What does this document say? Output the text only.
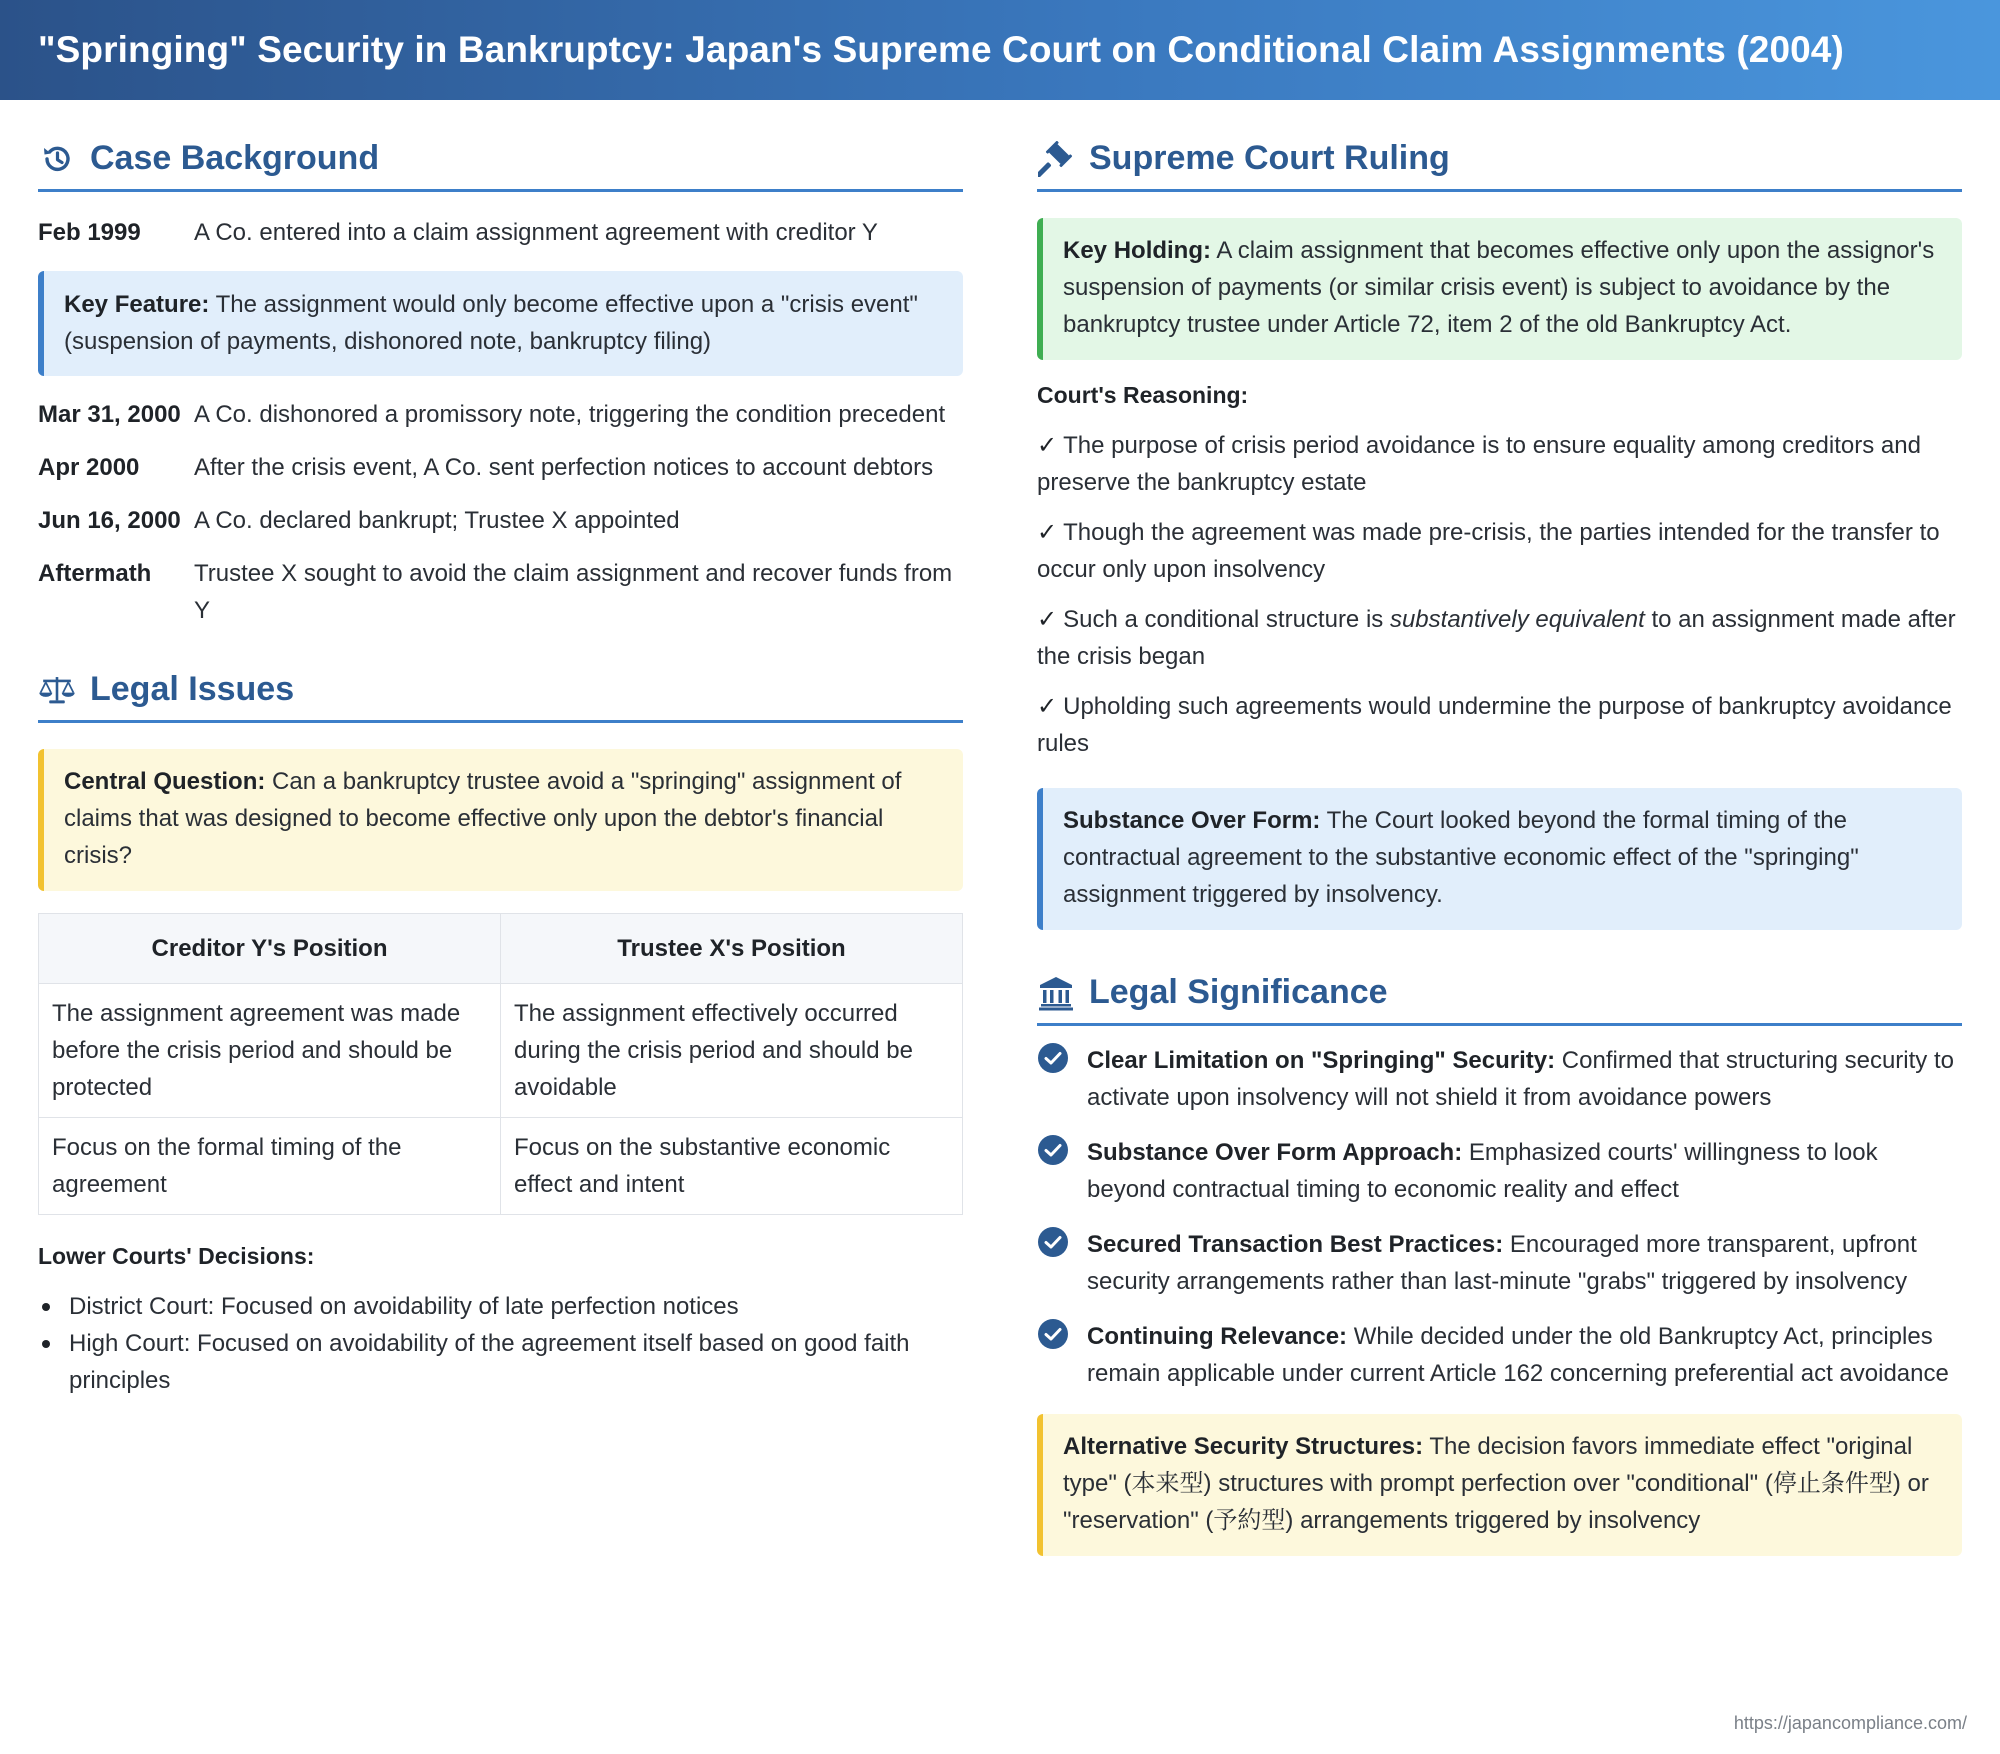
"Springing" Security in Bankruptcy: Japan's Supreme Court on Conditional Claim Assignments (2004)
Case Background
Feb 1999	A Co. entered into a claim assignment agreement with creditor Y
Key Feature: The assignment would only become effective upon a "crisis event" (suspension of payments, dishonored note, bankruptcy filing)
Mar 31, 2000 A Co. dishonored a promissory note, triggering the condition precedent
Apr 2000	After the crisis event, A Co. sent perfection notices to account debtors
Jun 16, 2000 A Co. declared bankrupt; Trustee X appointed
Aftermath	Trustee X sought to avoid the claim assignment and recover funds from Y
Legal Issues
Central Question: Can a bankruptcy trustee avoid a "springing" assignment of claims that was designed to become effective only upon the debtor's financial crisis?
Creditor Y's Position	Trustee X's Position
The assignment agreement was made before the crisis period and should be protected	The assignment effectively occurred during the crisis period and should be avoidable
Focus on the formal timing of the agreement	Focus on the substantive economic effect and intent
Lower Courts' Decisions:
District Court: Focused on avoidability of late perfection notices
High Court: Focused on avoidability of the agreement itself based on good faith principles
Supreme Court Ruling
Key Holding: A claim assignment that becomes effective only upon the assignor's suspension of payments (or similar crisis event) is subject to avoidance by the bankruptcy trustee under Article 72, item 2 of the old Bankruptcy Act.
Court's Reasoning:
✓ The purpose of crisis period avoidance is to ensure equality among creditors and preserve the bankruptcy estate
✓ Though the agreement was made pre-crisis, the parties intended for the transfer to occur only upon insolvency
✓ Such a conditional structure is substantively equivalent to an assignment made after the crisis began
✓ Upholding such agreements would undermine the purpose of bankruptcy avoidance rules
Substance Over Form: The Court looked beyond the formal timing of the contractual agreement to the substantive economic effect of the "springing" assignment triggered by insolvency.
Legal Significance
Clear Limitation on "Springing" Security: Confirmed that structuring security to activate upon insolvency will not shield it from avoidance powers
Substance Over Form Approach: Emphasized courts' willingness to look beyond contractual timing to economic reality and effect
Secured Transaction Best Practices: Encouraged more transparent, upfront security arrangements rather than last-minute "grabs" triggered by insolvency
Continuing Relevance: While decided under the old Bankruptcy Act, principles remain applicable under current Article 162 concerning preferential act avoidance
Alternative Security Structures: The decision favors immediate effect "original type" (本来型) structures with prompt perfection over "conditional" (停止条件型) or "reservation" (予約型) arrangements triggered by insolvency
https://japancompliance.com/
